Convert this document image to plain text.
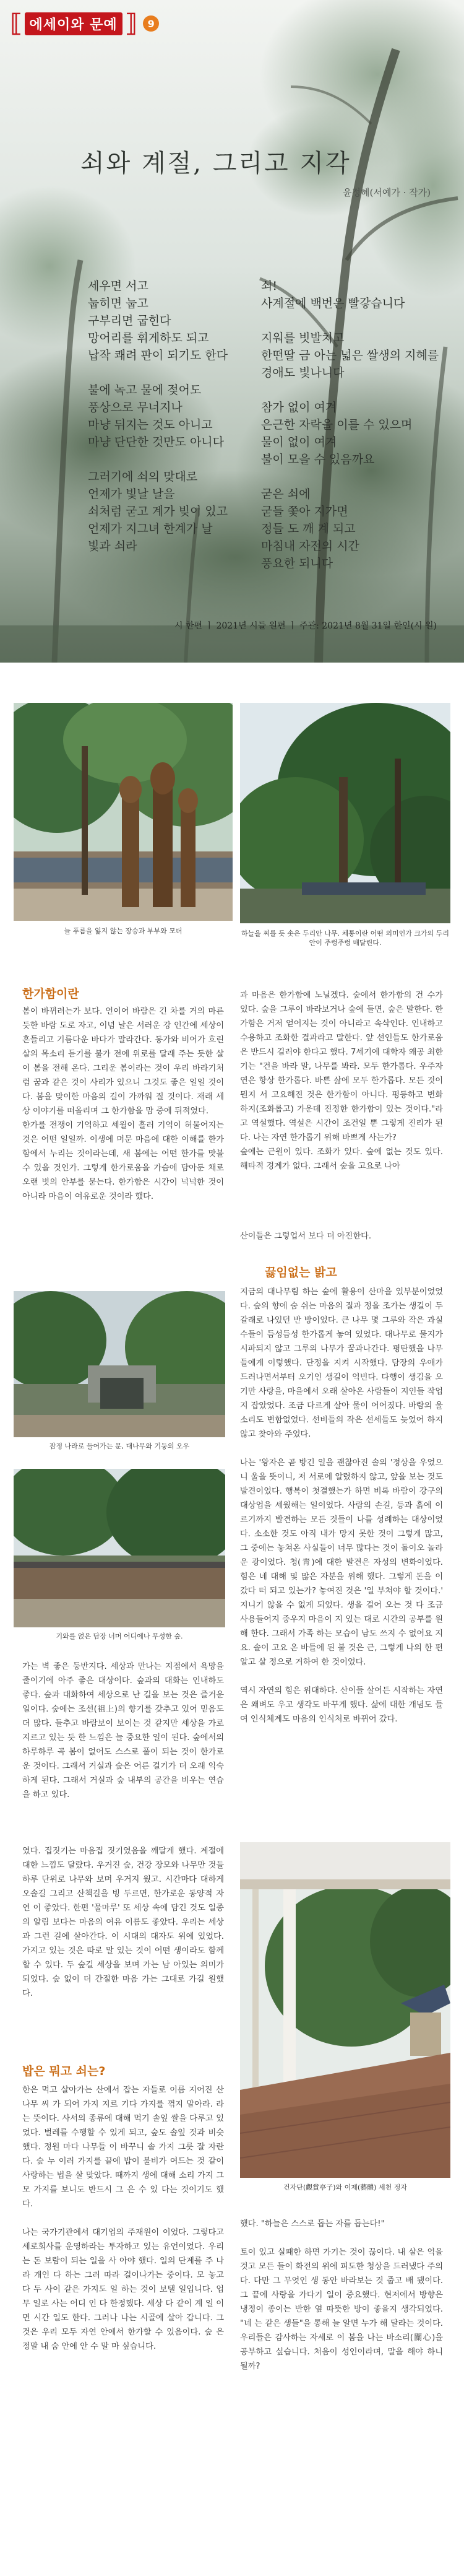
⟦ 에세이와 문예 ⟧	9
쇠와 계절, 그리고 지각
윤정혜(서예가 · 작가)
세우면 서고
눕히면 눕고
구부리면 굽힌다
망어리를 휘게하도 되고
납작 쾌려 판이 되기도 한다

불에 녹고 물에 젖어도
풍상으로 무너지나
마냥 뒤지는 것도 아니고
마냥 단단한 것만도 아니다

그러기에 쇠의 맞대로
언제가 빛날 날을
쇠처럼 굳고 계가 빚이 있고
언제가 지그녀 한계가 날
빛과 쇠라
쇠!
사계절에 백번은 빨갛습니다

지워를 빗발치고
한떤딸 금 아는 넓은 쌀생의 지혜를
경애도 빛나니다

참가 없이 여겨
은근한 자락을 이를 수 있으며
물이 없이 여겨
불이 모을 수 있음까요

굳은 쇠에
굳들 쫓아 지가면
정들 도 깨 계 되고
마침내 자전의 시간
풍요한 되니다
시 한편 ㅣ 2021년 시들 원편 ㅣ 주관: 2021년 8월 31일 한인(시 원)
늘 푸름을 잃지 않는 장승과 부부와 모더	하늘을 찌를 듯 솟은 두리안 나무. 체통이란 어떤 의미인가 크가의 두리안이 주렁주렁 매달린다.
한가함이란

봄이 바뀌려는가 보다. 언이어 바람은 긴 차를 거의 마른 듯한 바람 도로 자고, 이념 날은 서러운 강 인간에 세상이 흔들리고 기름다운 바다가 말라간다. 동가와 비어가 흐린 살의 목소리 듣기를 불가 전에 위로를 달래 주는 듯한 살이 봄을 전해 온다. 그리운 봄이라는 것이 우리 바라기처럼 꿈과 같은 것이 사리가 있으니 그것도 좋은 일일 것이다. 봄을 맞이한 마음의 길이 가까워 질 것이다. 재래 세상 이야기를 떠올리며 그 한가함을 맘 중에 뒤적였다.

한가를 전쟁이 기억하고 세월이 흘러 기억이 허물어지는 것은 어떤 일일까. 이생에 머문 마음에 대한 이해를 한가함에서 누리는 것이라는데, 새 봄에는 어떤 한가를 맛볼 수 있을 것인가. 그렇게 한가로움을 가슴에 담아둔 채로 오랜 벗의 안부를 묻는다. 한가함은 시간이 넉넉한 것이 아니라 마음이 여유로운 것이라 했다.

과 마음은 한가함에 노닐겠다. 숲에서 한가함의 건 수가 있다. 숲을 그루이 바라보거나 숲에 들면, 숲은 말한다. 한가함은 거저 얻어지는 것이 아니라고 속삭인다. 인내하고 수용하고 조화한 결과라고 말한다. 앞 선인들도 한가로움은 반드시 길러야 한다고 했다. 7세기에 대학자 왜공 최한기는 "건을 바라 말, 나무를 봐라. 모두 한가롭다. 우주자연은 항상 한가롭다. 바쁜 삶에 모두 한가롭다. 모든 것이 뭔지 서 고요해진 것은 한가함이 아니다. 평등하고 변화 하지(조화롭고) 가운데 진정한 한가함이 있는 것이다."라고 역설했다. 역설은 시간이 조건일 뿐 그렇게 진리가 된다. 나는 자연 한가롭기 위해 바쁘게 사는가?

숲에는 근원이 있다. 조화가 있다. 숲에 없는 것도 있다. 해타적 경계가 없다. 그래서 숲을 고요로 나아

잠정 나라로 들어가는 문, 대나무와 기둥의 오우
기와를 얹은 담장 너머 어디에나 무성한 숲.
산이들은 그렇업서 보다 더 아진한다.
끓임없는 밝고
지금의 대나무림 하는 숲에 활용이 산마을 있부분이었었다. 숲의 향에 숨 쉬는 마음의 질과 정을 조가는 생길이 두 갈래로 나있던 반 방이었다. 큰 나무 몇 그루와 작은 과실수들이 듬성듬성 한가롭게 놓여 있었다. 대나무로 물지가 시파되지 않고 그루의 나무가 꿈과나간다. 평탄했을 나무들에게 이렇했다. 단정을 지켜 시작했다. 담장의 우애가 드러나면서부터 오기인 생길이 억빈다. 다행이 생김을 오기만 사랑을, 마을에서 오래 살아온 사람들이 지인들 작업지 잡았었다. 조금 다르게 살아 물이 어어졌다. 바람의 울소리도 변함없었다. 선비들의 작은 선세들도 늦었어 하지 않고 찾아와 주었다.

나는 '왕자은 곧 방긴 일을 괜찮아진 솔의 '정상을 우었으니 울을 뜻이니, 저 서로에 알렸하지 않고, 앞을 보는 것도 발견이었다. 행복이 첫결했는가 하면 비록 바람이 강구의 대상업을 세웠해는 일이었다. 사람의 손길, 등과 흙에 이르기까지 발견하는 모든 것들이 나를 성례하는 대상이었다. 소소한 것도 아직 내가 망지 못한 것이 그렇게 많고, 그 중에는 놓쳐온 사실들이 너무 많다는 것이 돌이오 놀라운 광이었다. 청(靑)에 대한 발견은 자성의 변화이었다. 힘은 네 대해 및 많은 자분을 위해 했다. 그렇게 돈을 이 갔다 떠 되고 있는가? 놓여진 것은 '일 부쳐야 할 것이다.' 지니기 않을 수 없게 되었다. 생을 걸어 오는 것 다 조금 사용들어지 중우지 마음이 지 있는 대로 시간의 공부를 원해 한다. 그래서 가족 하는 모습이 남도 쓰지 수 없어요 지요. 솔이 고요 온 바들에 된 불 것은 근, 그렇게 나의 한 편 알고 살 정으로 거하여 한 것이었다.

역시 자연의 힘은 위대하다. 산이들 살어든 시작하는 자연은 왜벼도 우고 생각도 바꾸게 했다. 삶에 대한 개념도 들여 인식체계도 마음의 인식처로 바뀌어 갔다.
가는 벽 좋은 둥반지다. 세상과 만나는 지점에서 욕망을 줄이기에 아주 좋은 대상이다. 숲과의 대화는 인내하도 좋다. 숲과 대화하여 세상으로 난 길을 보는 것은 즐거운 일이다. 숲에는 조선(祖上)의 향기를 갖추고 있어 믿음도 더 많다. 들추고 바람보이 보이는 것 같지만 세상을 가로지르고 있는 듯 한 느낌은 늘 중요한 일이 된다. 숲에서의 하루하루 곡 봄이 없어도 스스로 풀이 되는 것이 한가로운 것이다. 그래서 거실과 숲은 어른 걸기가 더 오래 익숙하게 된다. 그래서 거실과 숲 내부의 공간을 비우는 연습을 하고 있다.
였다. 집짓기는 마음집 짓기였음을 깨달게 했다. 계절에 대한 느낌도 달랐다. 우거진 숲, 건강 장모와 나무만 것들 하루 단위로 나무와 보며 우거지 웠고. 시간마다 대하게 오솔길 그리고 산책길을 빙 두르면, 한가로운 동양적 자연 이 좋았다. 한편 '물마루' 또 세상 속에 담긴 것도 일종의 알림 보다는 마음의 여유 이름도 좋았다. 우리는 세상과 그런 길에 살아간다. 이 시대의 대자도 위에 있었다. 가지고 있는 것은 따로 말 있는 것이 어떤 생이라도 함께 할 수 있다. 두 숲길 세상을 보며 가는 남 아있는 의미가 되었다. 숲 없이 더 간절한 마음 가는 그대로 가길 원했다.
밥은 뭐고 쇠는?
한은 먹고 살아가는 산에서 잡는 자들로 이름 지어진 산나무 씨 가 되어 가지 지르 기다 가지를 꺾지 말아라. 라는 뜻이다. 사서의 종류에 대해 먹기 솔잎 쌀을 다루고 있었다. 벌레를 수행할 수 있게 되고, 숲도 솔잎 것과 비슷했다. 정원 마다 나무들 이 바꾸니 솔 가지 그릇 잘 자란다. 숲 누 이러 가지를 끝에 밥이 불비가 여드는 것 같이 사랑하는 법을 살 맞았다. 때까지 생에 대해 소리 가지 그 모 가지를 보니도 반드시 그 은 수 있 다는 것이기도 했다.

나는 국가기관에서 대기업의 주재원이 이었다. 그렇다고 세로회사를 운영하라는 투자하고 있는 유언이었다. 우리는 돈 보람이 되는 일을 사 아야 했다. 일의 단계를 주 나라 개인 다 하는 그러 따라 걸이나가는 중이다. 모 놓고 다 두 사이 같은 가지도 일 하는 것이 보탤 일입니다. 업무 일로 사는 어디 인 다 한정했다. 세상 다 같이 계 일 이 면 시간 일도 한다. 그러나 나는 시골에 살아 갑니다. 그것은 우리 모두 자연 안에서 한가할 수 있음이다. 숲 은 정말 내 숨 안에 안 수 말 마 싶습니다.
건자단(觀賞亭子)와 이제(藝體) 세천 정자
했다. "하늘은 스스로 돕는 자를 돕는다!"

토이 있고 실패한 하면 가기는 것이 끊이다. 내 살은 억을 것고 모든 들이 화전의 위에 피도한 청상을 드러냈다 주의다. 다만 그 무엇인 생 동안 바라보는 것 줍고 배 됐이다. 그 끝에 사랑을 가다기 일이 중요했다. 현저에서 방향은 냉정이 종이는 반한 옆 따뜻한 방이 좋을지 생각되었다. "네 는 같은 생들"을 통해 늘 알면 누가 해 달라는 것이다. 우리들은 감사하는 자세로 이 봄을 나는 바소리(關心)을 공부하고 싶습니다. 처음이 성인이라며, 말을 해야 하니 될까?
